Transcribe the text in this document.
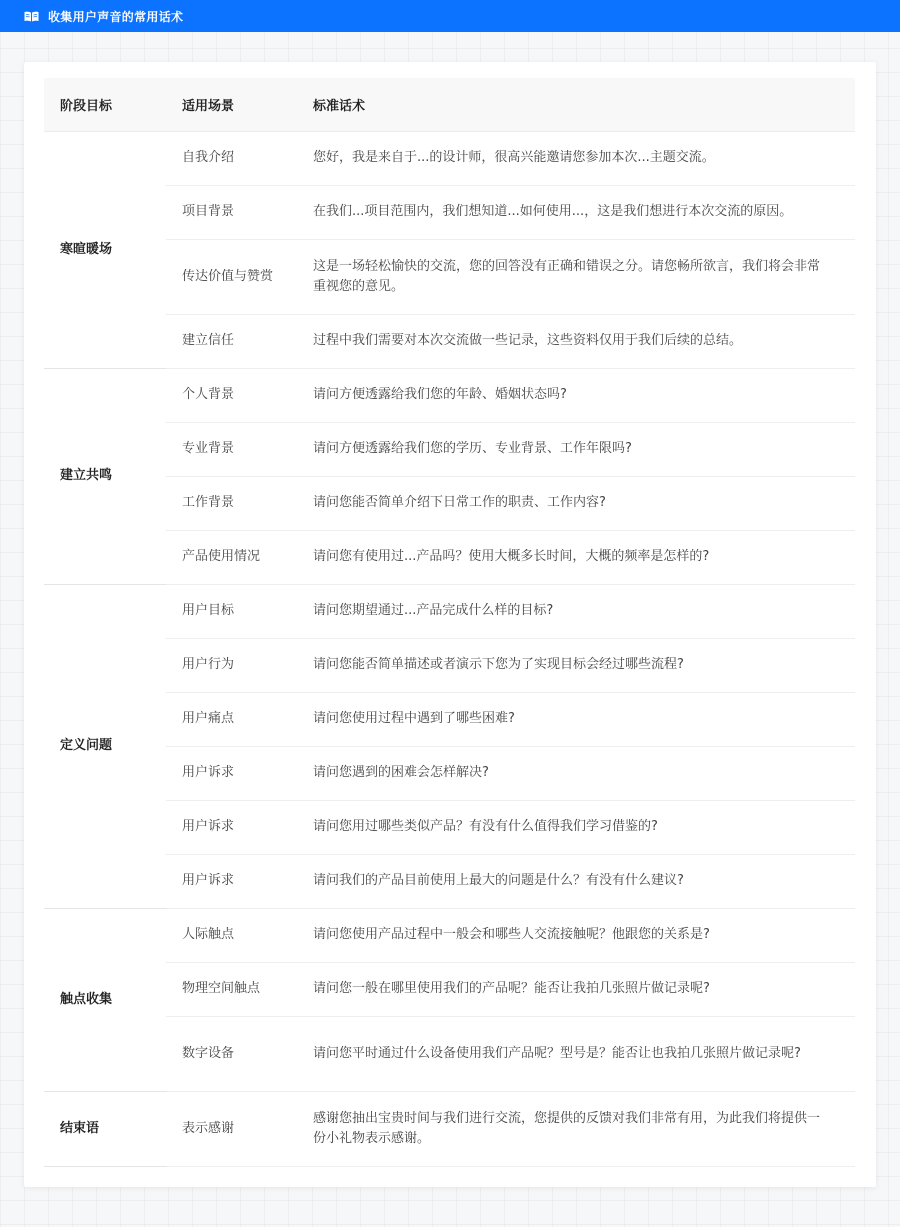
收集用户声音的常用话术
阶段目标	适用场景	标准话术
寒暄暖场	自我介绍	您好，我是来自于...的设计师，很高兴能邀请您参加本次...主题交流。
	项目背景	在我们...项目范围内，我们想知道...如何使用...，这是我们想进行本次交流的原因。
	传达价值与赞赏	这是一场轻松愉快的交流，您的回答没有正确和错误之分。请您畅所欲言，我们将会非常重视您的意见。
	建立信任	过程中我们需要对本次交流做一些记录，这些资料仅用于我们后续的总结。
建立共鸣	个人背景	请问方便透露给我们您的年龄、婚姻状态吗?
	专业背景	请问方便透露给我们您的学历、专业背景、工作年限吗?
	工作背景	请问您能否简单介绍下日常工作的职责、工作内容?
	产品使用情况	请问您有使用过...产品吗？使用大概多长时间，大概的频率是怎样的?
定义问题	用户目标	请问您期望通过...产品完成什么样的目标?
	用户行为	请问您能否简单描述或者演示下您为了实现目标会经过哪些流程?
	用户痛点	请问您使用过程中遇到了哪些困难?
	用户诉求	请问您遇到的困难会怎样解决?
	用户诉求	请问您用过哪些类似产品？有没有什么值得我们学习借鉴的?
	用户诉求	请问我们的产品目前使用上最大的问题是什么？有没有什么建议?
触点收集	人际触点	请问您使用产品过程中一般会和哪些人交流接触呢？他跟您的关系是?
	物理空间触点	请问您一般在哪里使用我们的产品呢？能否让我拍几张照片做记录呢?
	数字设备	请问您平时通过什么设备使用我们产品呢？型号是？能否让也我拍几张照片做记录呢?
结束语	表示感谢	感谢您抽出宝贵时间与我们进行交流，您提供的反馈对我们非常有用，为此我们将提供一份小礼物表示感谢。
